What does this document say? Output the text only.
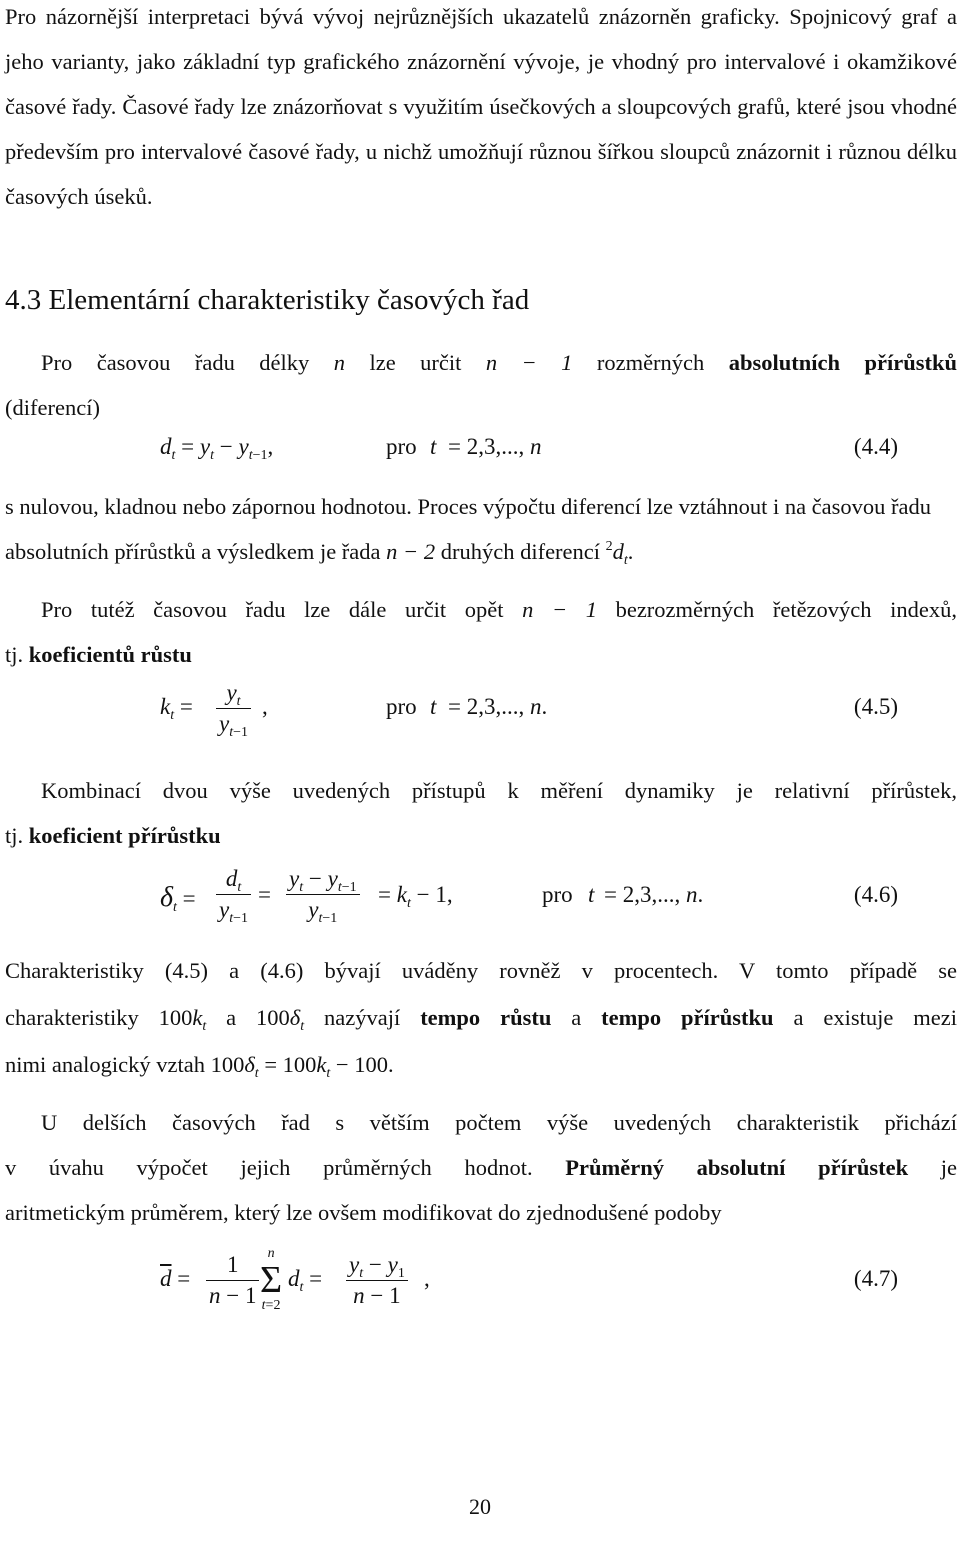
Pro názornější interpretaci bývá vývoj nejrůznějších ukazatelů znázorněn graficky. Spojnicový graf a jeho varianty, jako základní typ grafického znázornění vývoje, je vhodný pro intervalové i okamžikové časové řady. Časové řady lze znázorňovat s využitím úsečkových a sloupcových grafů, které jsou vhodné především pro intervalové časové řady, u nichž umožňují různou šířkou sloupců znázornit i různou délku časových úseků.

4.3 Elementární charakteristiky časových řad
Pro časovou řadu délky n lze určit n − 1 rozměrných absolutních přírůstků
(diferencí)
$d_t = y_t - y_{t-1}$,	pro t = 2,3,..., n	(4.4)
s nulovou, kladnou nebo zápornou hodnotou. Proces výpočtu diferencí lze vztáhnout i na časovou řadu absolutních přírůstků a výsledkem je řada n − 2 druhých diferencí $^2d_t$.
Pro tutéž časovou řadu lze dále určit opět n − 1 bezrozměrných řetězových indexů,
tj. koeficientů růstu
$k_t = \frac{y_t}{y_{t-1}}$ ,	pro t = 2,3,..., n.	(4.5)
Kombinací dvou výše uvedených přístupů k měření dynamiky je relativní přírůstek,
tj. koeficient přírůstku
$\delta_t = \frac{d_t}{y_{t-1}} = \frac{y_t - y_{t-1}}{y_{t-1}} = k_t - 1$,	pro t = 2,3,..., n.	(4.6)
Charakteristiky (4.5) a (4.6) bývají uváděny rovněž v procentech. V tomto případě se
charakteristiky $100k_t$ a $100\delta_t$ nazývají tempo růstu a tempo přírůstku a existuje mezi
nimi analogický vztah $100\delta_t = 100k_t - 100$.
U delších časových řad s větším počtem výše uvedených charakteristik přichází
v úvahu výpočet jejich průměrných hodnot. Průměrný absolutní přírůstek je
aritmetickým průměrem, který lze ovšem modifikovat do zjednodušené podoby
$\overline{d} = \frac{1}{n - 1}$ n
Σ
t=2
$d_t = \frac{y_t - y_1}{n - 1}$ ,	(4.7)
20
